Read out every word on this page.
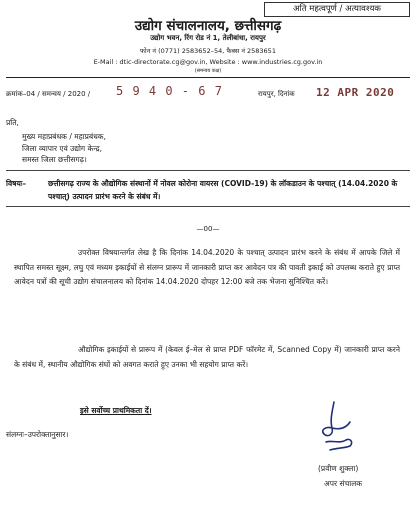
अति महत्वपूर्ण / अत्यावश्यक
उद्योग संचालनालय, छत्तीसगढ़
उद्योग भवन, रिंग रोड नं 1, तेलीबांधा, रायपुर
फोन नं (0771) 2583652–54, फैक्स नं 2583651
E-Mail : dtic-directorate.cg@gov.in, Website : www.industries.cg.gov.in
(समन्वय कक्ष)
क्रमांक–04 / समन्वय / 2020 / 5 9 4 0 - 6 7	रायपुर, दिनांक 12 APR 2020
प्रति,
मुख्य महाप्रबंधक / महाप्रबंधक,
जिला व्यापार एवं उद्योग केन्द्र,
समस्त जिला छत्तीसगढ़।
विषयः–	छत्तीसगढ़ राज्य के औद्योगिक संस्थानों में नोवल कोरोना वायरस (COVID-19) के लॉकडाउन के पश्चात् (14.04.2020 के पश्चात्) उत्पादन प्रारंभ करने के संबंध में।
—00—
उपरोक्त विषयान्तर्गत लेख है कि दिनांक 14.04.2020 के पश्चात् उत्पादन प्रारंभ करने के संबंध में आपके जिले में स्थापित समस्त सूक्ष्म, लघु एवं मध्यम इकाईयों से संलग्न प्रारूप में जानकारी प्राप्त कर आवेदन पत्र की पावती इकाई को उपलब्ध कराते हुए प्राप्त आवेदन पत्रों की सूची उद्योग संचालनालय को दिनांक 14.04.2020 दोपहर 12:00 बजे तक भेजना सुनिश्चित करें।
औद्योगिक इकाईयों से प्रारूप में (केवल ई–मेल से प्राप्त PDF फॉरमेट में, Scanned Copy में) जानकारी प्राप्त करने के संबंध में, स्थानीय औद्योगिक संघों को अवगत कराते हुए उनका भी सहयोग प्राप्त करें।
इसे सर्वोच्च प्राथमिकता दें।
संलग्नः–उपरोक्तानुसार।
(प्रवीण शुक्ला)
अपर संचालक
